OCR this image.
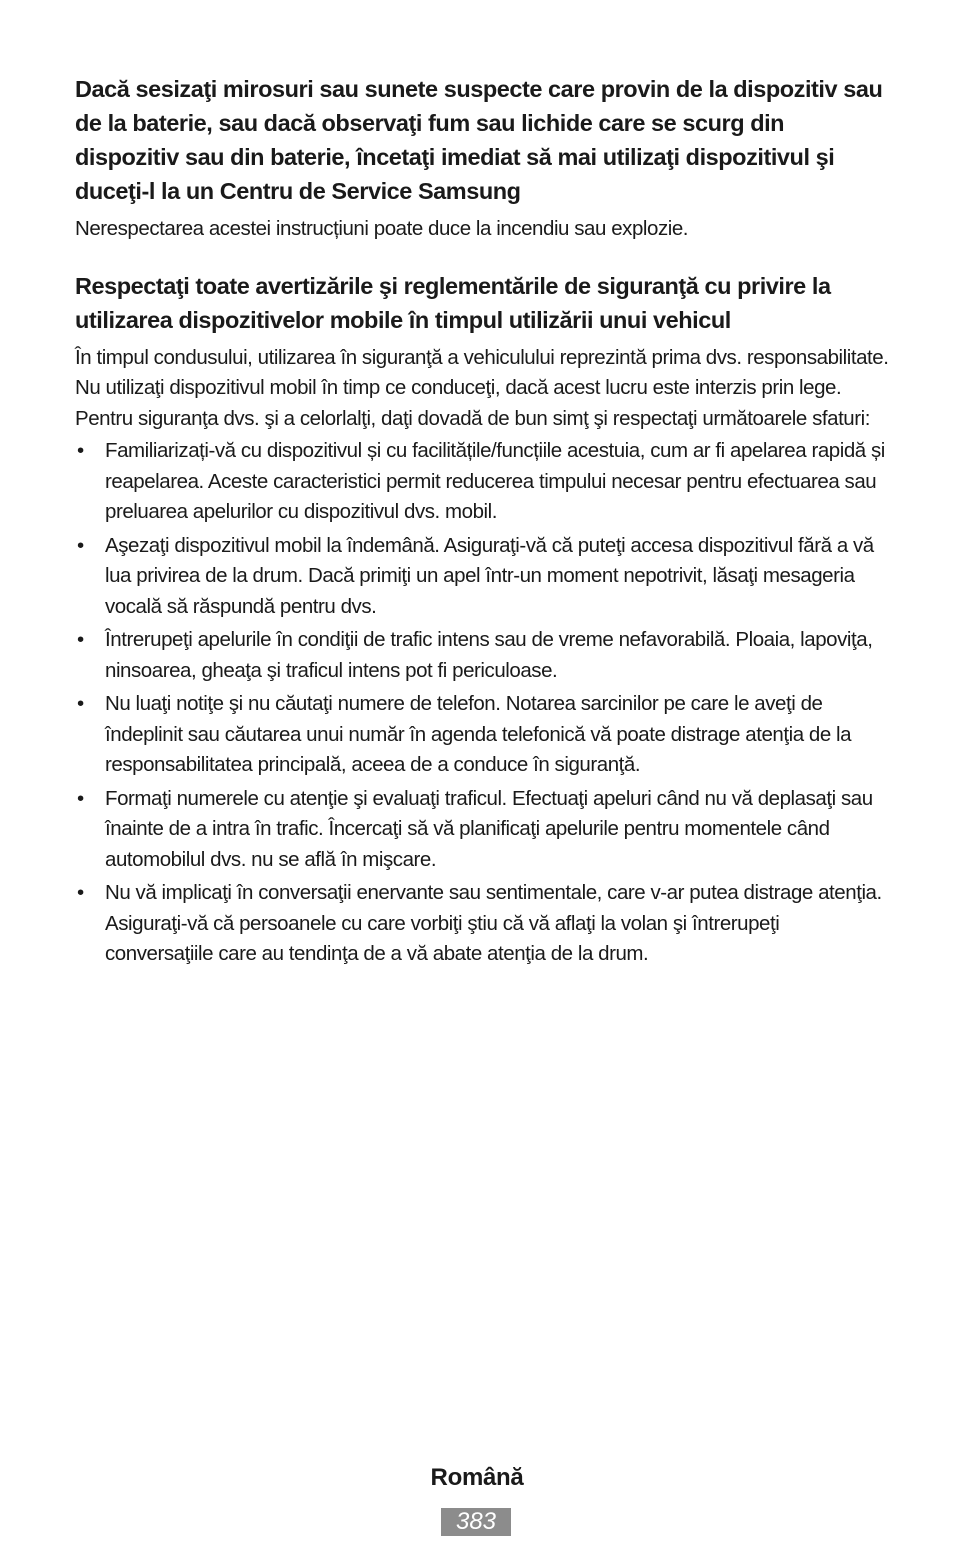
Dacă sesizaţi mirosuri sau sunete suspecte care provin de la dispozitiv sau de la baterie, sau dacă observaţi fum sau lichide care se scurg din dispozitiv sau din baterie, încetaţi imediat să mai utilizaţi dispozitivul şi duceţi-l la un Centru de Service Samsung

Nerespectarea acestei instrucțiuni poate duce la incendiu sau explozie.

Respectaţi toate avertizările şi reglementările de siguranţă cu privire la utilizarea dispozitivelor mobile în timpul utilizării unui vehicul

În timpul condusului, utilizarea în siguranţă a vehiculului reprezintă prima dvs. responsabilitate. Nu utilizaţi dispozitivul mobil în timp ce conduceţi, dacă acest lucru este interzis prin lege. Pentru siguranţa dvs. şi a celorlalţi, daţi dovadă de bun simţ şi respectaţi următoarele sfaturi:

• Familiarizați-vă cu dispozitivul și cu facilitățile/funcțiile acestuia, cum ar fi apelarea rapidă și reapelarea. Aceste caracteristici permit reducerea timpului necesar pentru efectuarea sau preluarea apelurilor cu dispozitivul dvs. mobil.
• Aşezaţi dispozitivul mobil la îndemână. Asiguraţi-vă că puteţi accesa dispozitivul fără a vă lua privirea de la drum. Dacă primiţi un apel într-un moment nepotrivit, lăsaţi mesageria vocală să răspundă pentru dvs.
• Întrerupeţi apelurile în condiţii de trafic intens sau de vreme nefavorabilă. Ploaia, lapoviţa, ninsoarea, gheaţa şi traficul intens pot fi periculoase.
• Nu luaţi notiţe şi nu căutaţi numere de telefon. Notarea sarcinilor pe care le aveţi de îndeplinit sau căutarea unui număr în agenda telefonică vă poate distrage atenţia de la responsabilitatea principală, aceea de a conduce în siguranţă.
• Formaţi numerele cu atenţie şi evaluaţi traficul. Efectuaţi apeluri când nu vă deplasaţi sau înainte de a intra în trafic. Încercaţi să vă planificaţi apelurile pentru momentele când automobilul dvs. nu se află în mişcare.
• Nu vă implicaţi în conversaţii enervante sau sentimentale, care v-ar putea distrage atenţia. Asiguraţi-vă că persoanele cu care vorbiţi ştiu că vă aflaţi la volan şi întrerupeţi conversaţiile care au tendinţa de a vă abate atenţia de la drum.
Română
383
